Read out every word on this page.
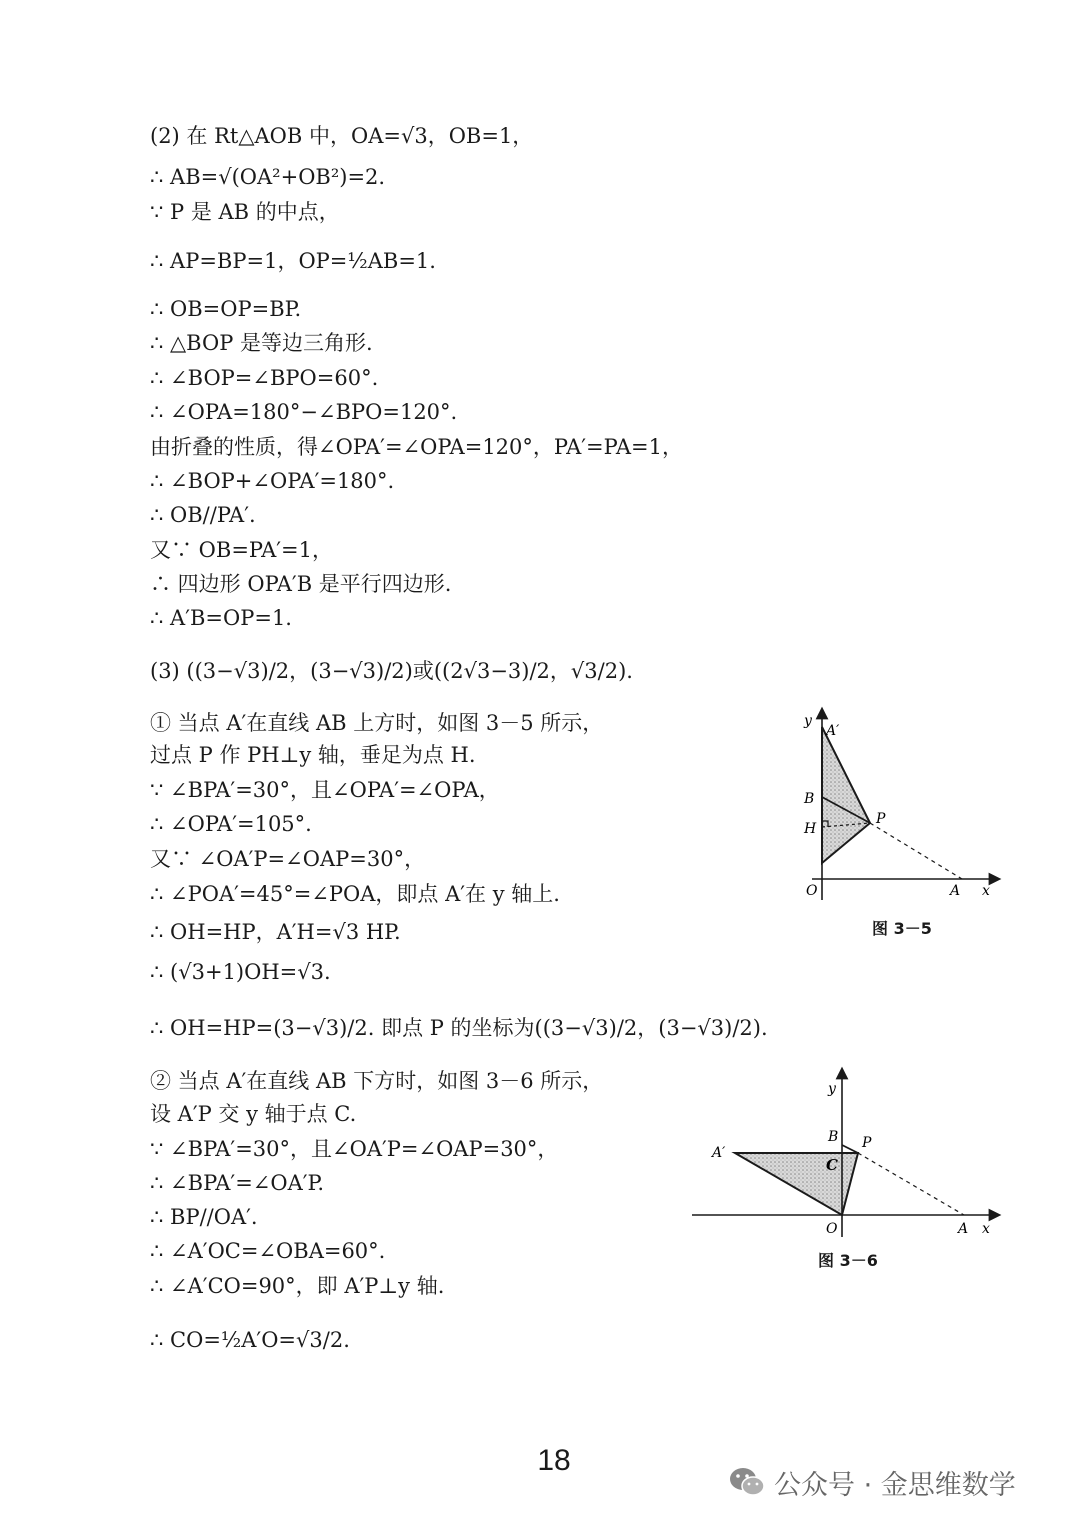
(2) 在 Rt△AOB 中，OA=√3，OB=1，
∴ AB=√(OA²+OB²)=2.
∵ P 是 AB 的中点，
∴ AP=BP=1，OP=½AB=1.
∴ OB=OP=BP.
∴ △BOP 是等边三角形.
∴ ∠BOP=∠BPO=60°.
∴ ∠OPA=180°−∠BPO=120°.
由折叠的性质，得∠OPA′=∠OPA=120°，PA′=PA=1，
∴ ∠BOP+∠OPA′=180°.
∴ OB//PA′.
又∵ OB=PA′=1，
∴ 四边形 OPA′B 是平行四边形.
∴ A′B=OP=1.
(3) ((3−√3)/2，(3−√3)/2)或((2√3−3)/2，√3/2).
① 当点 A′在直线 AB 上方时，如图 3－5 所示，
过点 P 作 PH⊥y 轴，垂足为点 H.
∵ ∠BPA′=30°，且∠OPA′=∠OPA，
∴ ∠OPA′=105°.
又∵ ∠OA′P=∠OAP=30°，
∴ ∠POA′=45°=∠POA，即点 A′在 y 轴上.
∴ OH=HP，A′H=√3 HP.
∴ (√3+1)OH=√3.
∴ OH=HP=(3−√3)/2. 即点 P 的坐标为((3−√3)/2，(3−√3)/2).
② 当点 A′在直线 AB 下方时，如图 3－6 所示，
设 A′P 交 y 轴于点 C.
∵ ∠BPA′=30°，且∠OA′P=∠OAP=30°，
∴ ∠BPA′=∠OA′P.
∴ BP//OA′.
∴ ∠A′OC=∠OBA=60°.
∴ ∠A′CO=90°，即 A′P⊥y 轴.
∴ CO=½A′O=√3/2.
y
A′
B
H
P
O	A x
图 3－5
y
A′
B P
C
O	A x
图 3－6
18
公众号 · 金思维数学
